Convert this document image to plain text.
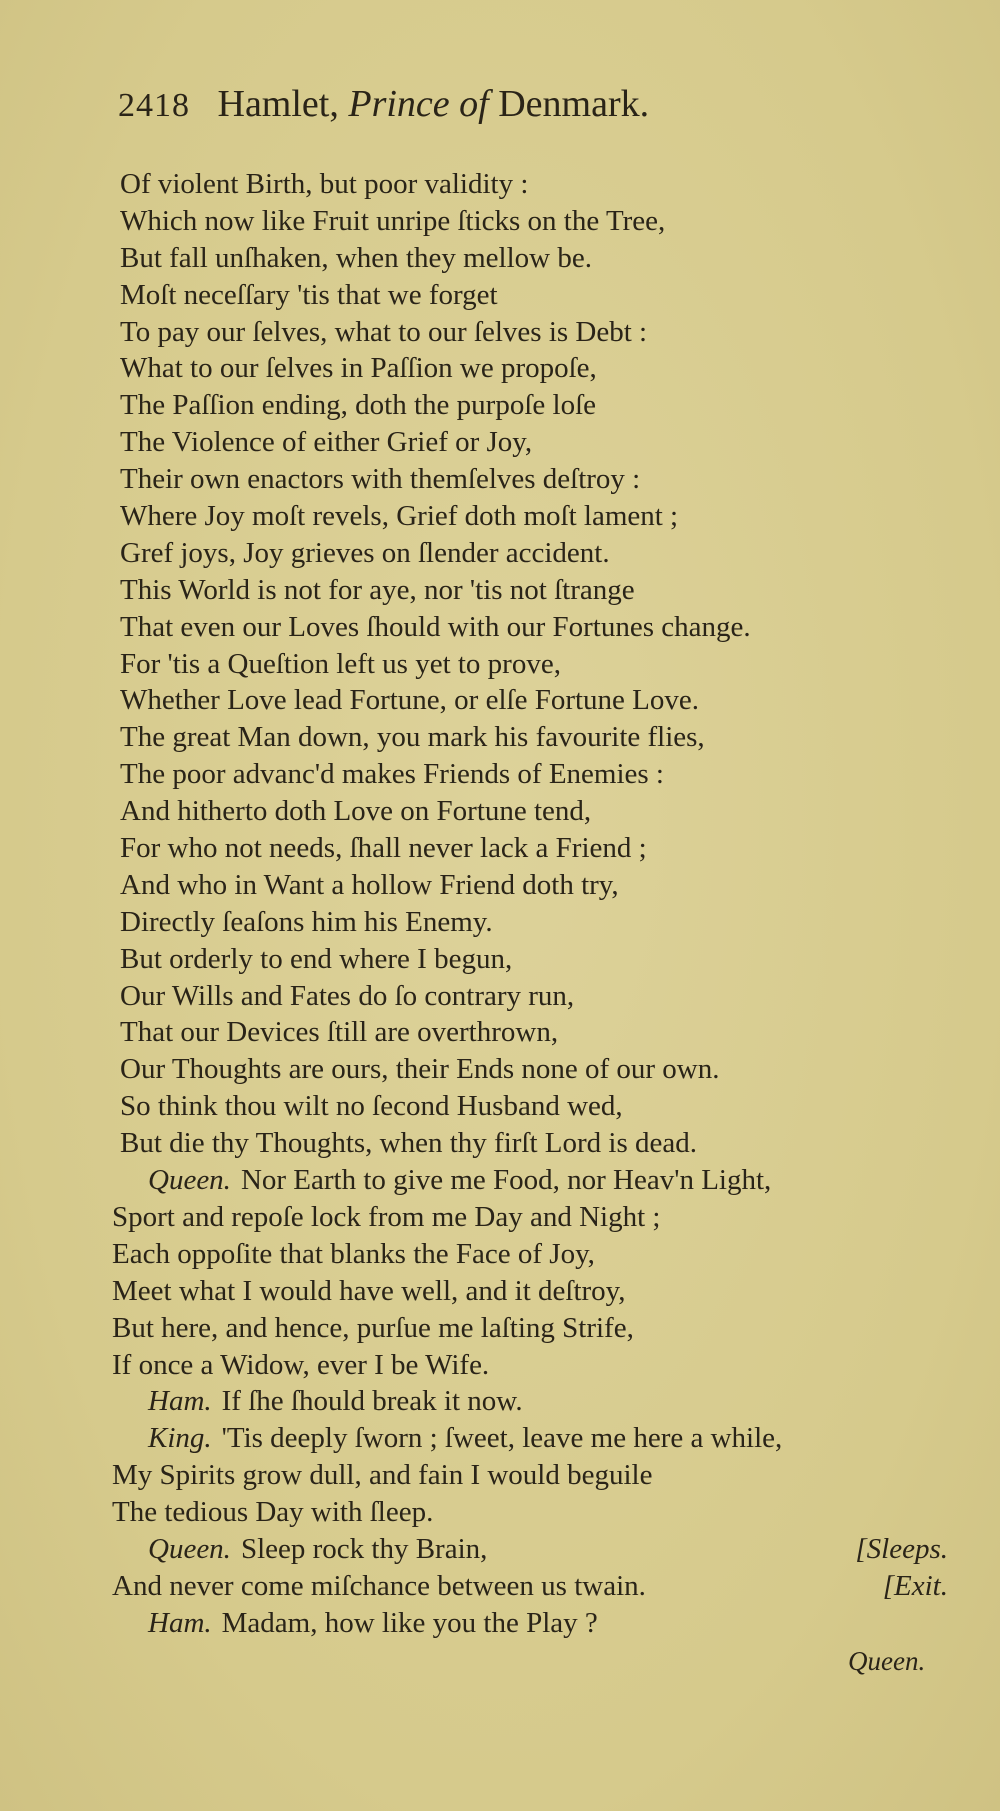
2418 Hamlet, Prince of Denmark.
Of violent Birth, but poor validity :
Which now like Fruit unripe ſticks on the Tree,
But fall unſhaken, when they mellow be.
Moſt neceſſary 'tis that we forget
To pay our ſelves, what to our ſelves is Debt :
What to our ſelves in Paſſion we propoſe,
The Paſſion ending, doth the purpoſe loſe
The Violence of either Grief or Joy,
Their own enactors with themſelves deſtroy :
Where Joy moſt revels, Grief doth moſt lament ;
Gref joys, Joy grieves on ſlender accident.
This World is not for aye, nor 'tis not ſtrange
That even our Loves ſhould with our Fortunes change.
For 'tis a Queſtion left us yet to prove,
Whether Love lead Fortune, or elſe Fortune Love.
The great Man down, you mark his favourite flies,
The poor advanc'd makes Friends of Enemies :
And hitherto doth Love on Fortune tend,
For who not needs, ſhall never lack a Friend ;
And who in Want a hollow Friend doth try,
Directly ſeaſons him his Enemy.
But orderly to end where I begun,
Our Wills and Fates do ſo contrary run,
That our Devices ſtill are overthrown,
Our Thoughts are ours, their Ends none of our own.
So think thou wilt no ſecond Husband wed,
But die thy Thoughts, when thy firſt Lord is dead.
Queen. Nor Earth to give me Food, nor Heav'n Light,
Sport and repoſe lock from me Day and Night ;
Each oppoſite that blanks the Face of Joy,
Meet what I would have well, and it deſtroy,
But here, and hence, purſue me laſting Strife,
If once a Widow, ever I be Wife.
Ham. If ſhe ſhould break it now.
King. 'Tis deeply ſworn ; ſweet, leave me here a while,
My Spirits grow dull, and fain I would beguile
The tedious Day with ſleep.
Queen. Sleep rock thy Brain,	[Sleeps.
And never come miſchance between us twain.	[Exit.
Ham. Madam, how like you the Play ?
Queen.
